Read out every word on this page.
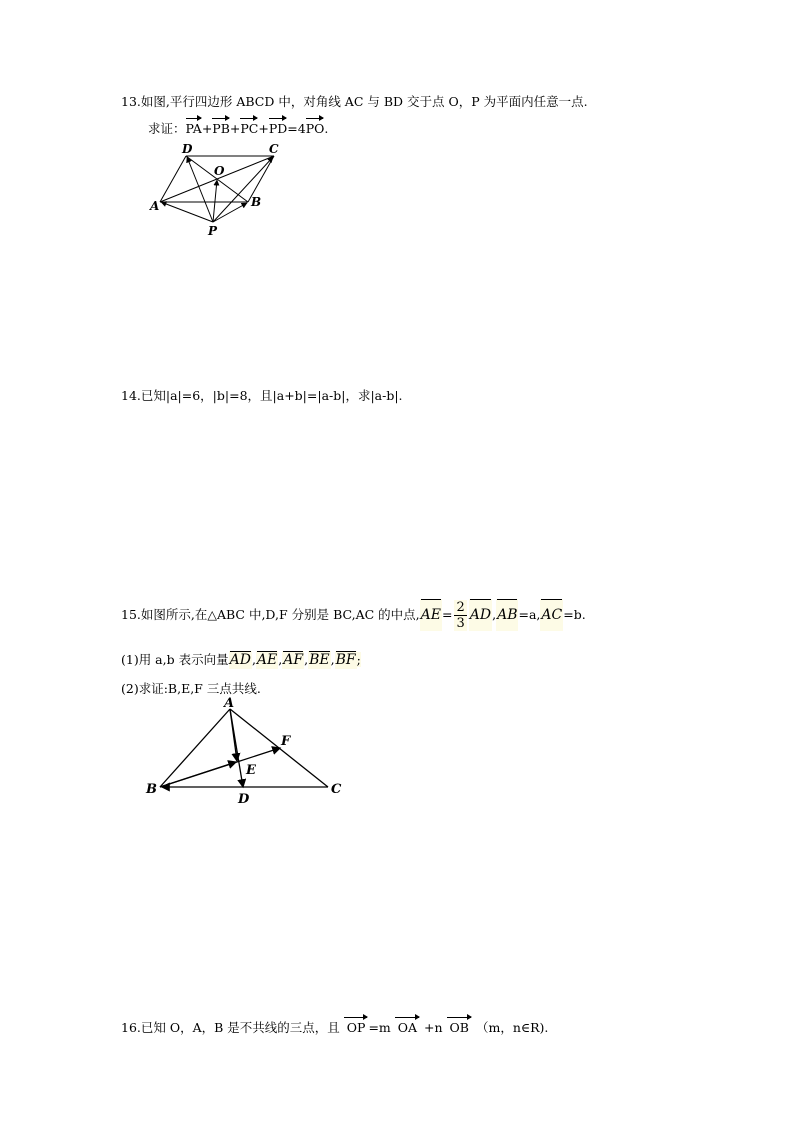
13.如图,平行四边形 ABCD 中，对角线 AC 与 BD 交于点 O，P 为平面内任意一点.
求证：PA+PB+PC+PD=4PO.
D	C
O
A	B
P
14.已知|a|=6，|b|=8，且|a+b|=|a-b|，求|a-b|.
15.如图所示,在△ABC 中,D,F 分别是 BC,AC 的中点$,AE= \frac{2}{3} AD,AB=a,AC=b$.
(1)用 a,b 表示向量AD,AE,AF,BE,BF;
(2)求证:B,E,F 三点共线.
A
B	C
D
E
F
16.已知 O，A，B 是不共线的三点，且 OP =m OA +n OB （m，n∈R).
